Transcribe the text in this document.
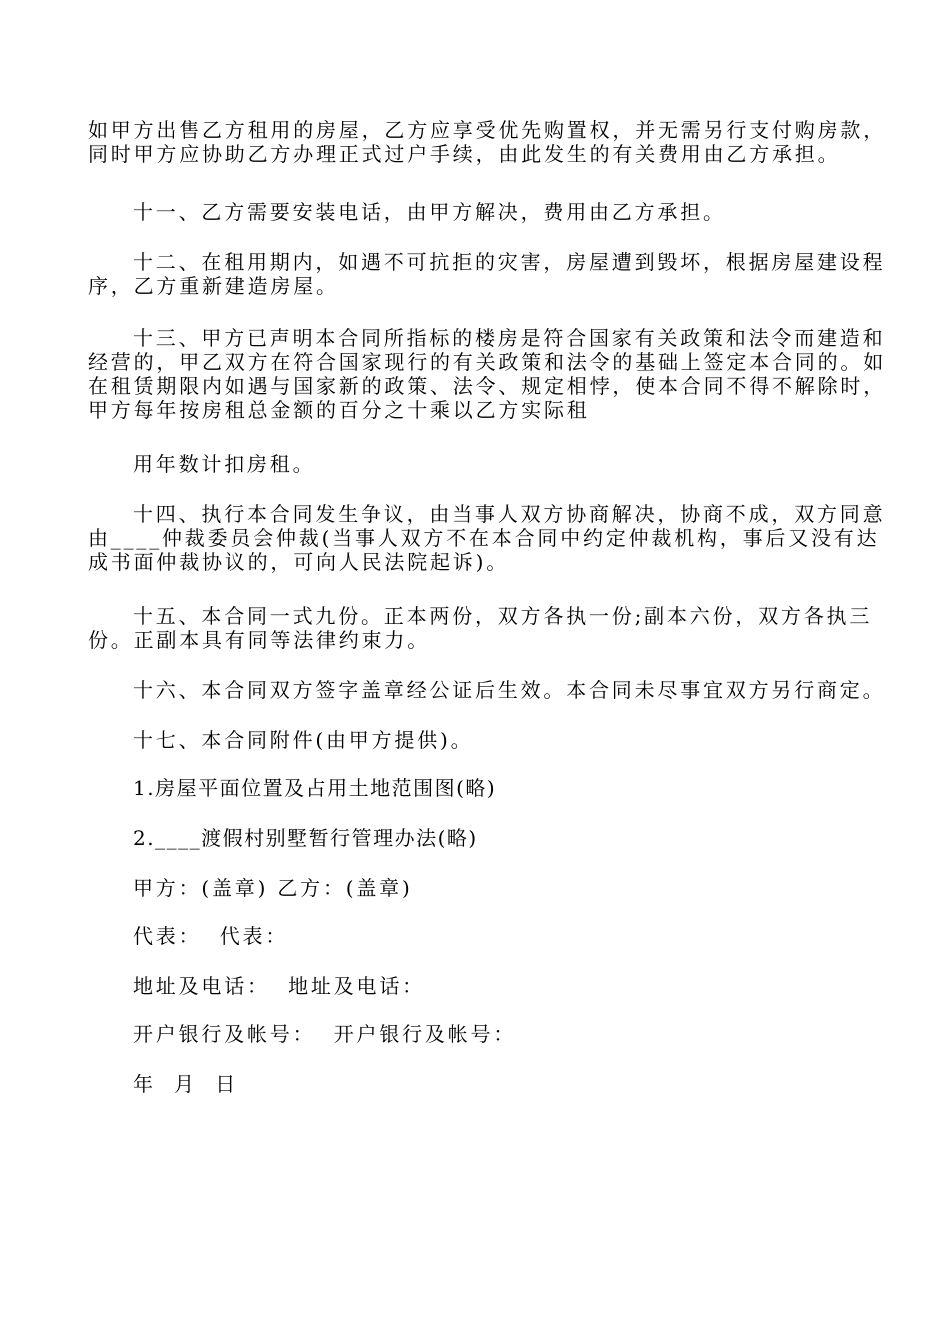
如甲方出售乙方租用的房屋，乙方应享受优先购置权，并无需另行支付购房款，同时甲方应协助乙方办理正式过户手续，由此发生的有关费用由乙方承担。

十一、乙方需要安装电话，由甲方解决，费用由乙方承担。

十二、在租用期内，如遇不可抗拒的灾害，房屋遭到毁坏，根据房屋建设程序，乙方重新建造房屋。

十三、甲方已声明本合同所指标的楼房是符合国家有关政策和法令而建造和经营的，甲乙双方在符合国家现行的有关政策和法令的基础上签定本合同的。如在租赁期限内如遇与国家新的政策、法令、规定相悖，使本合同不得不解除时，甲方每年按房租总金额的百分之十乘以乙方实际租

用年数计扣房租。

十四、执行本合同发生争议，由当事人双方协商解决，协商不成，双方同意由____仲裁委员会仲裁(当事人双方不在本合同中约定仲裁机构，事后又没有达成书面仲裁协议的，可向人民法院起诉)。

十五、本合同一式九份。正本两份，双方各执一份;副本六份，双方各执三份。正副本具有同等法律约束力。

十六、本合同双方签字盖章经公证后生效。本合同未尽事宜双方另行商定。

十七、本合同附件(由甲方提供)。

1.房屋平面位置及占用土地范围图(略)

2.____渡假村别墅暂行管理办法(略)

甲方：(盖章) 乙方：(盖章)

代表：  代表：

地址及电话：  地址及电话：

开户银行及帐号：  开户银行及帐号：

年  月  日
